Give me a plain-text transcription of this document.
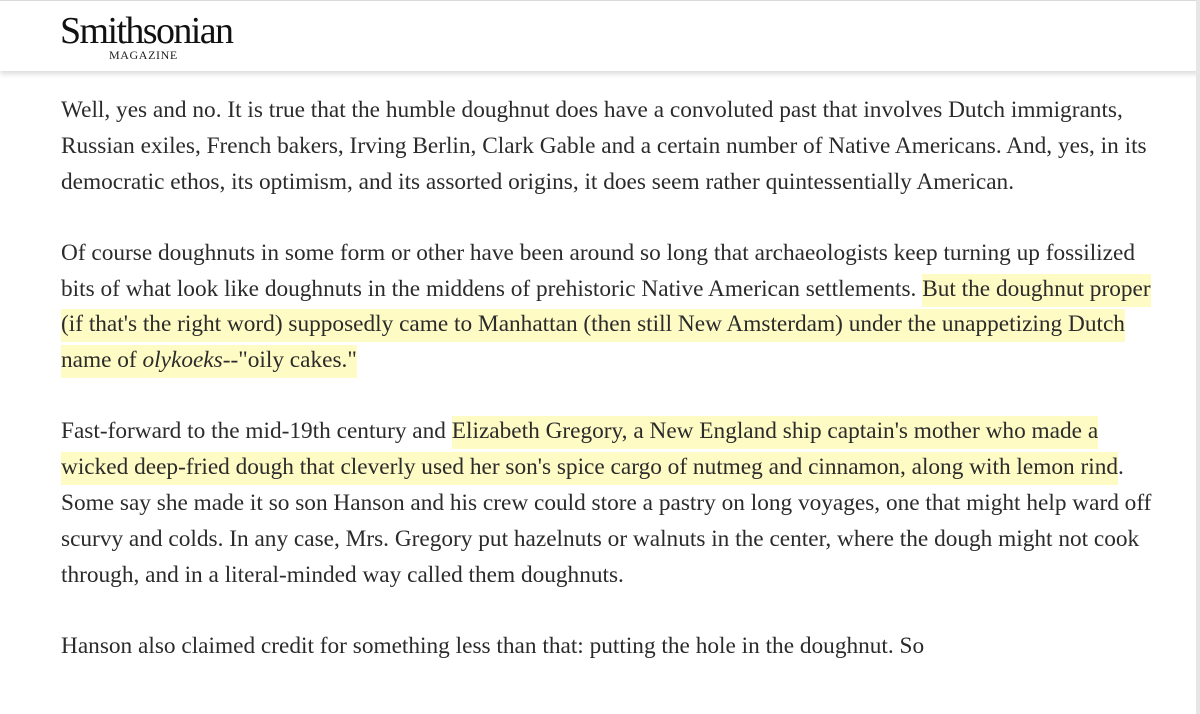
Smithsonian
MAGAZINE

Well, yes and no. It is true that the humble doughnut does have a convoluted past that involves Dutch immigrants, Russian exiles, French bakers, Irving Berlin, Clark Gable and a certain number of Native Americans. And, yes, in its democratic ethos, its optimism, and its assorted origins, it does seem rather quintessentially American.

Of course doughnuts in some form or other have been around so long that archaeologists keep turning up fossilized bits of what look like doughnuts in the middens of prehistoric Native American settlements. But the doughnut proper (if that's the right word) supposedly came to Manhattan (then still New Amsterdam) under the unappetizing Dutch name of olykoeks--"oily cakes."

Fast-forward to the mid-19th century and Elizabeth Gregory, a New England ship captain's mother who made a wicked deep-fried dough that cleverly used her son's spice cargo of nutmeg and cinnamon, along with lemon rind. Some say she made it so son Hanson and his crew could store a pastry on long voyages, one that might help ward off scurvy and colds. In any case, Mrs. Gregory put hazelnuts or walnuts in the center, where the dough might not cook through, and in a literal-minded way called them doughnuts.

Hanson also claimed credit for something less than that: putting the hole in the doughnut. So
